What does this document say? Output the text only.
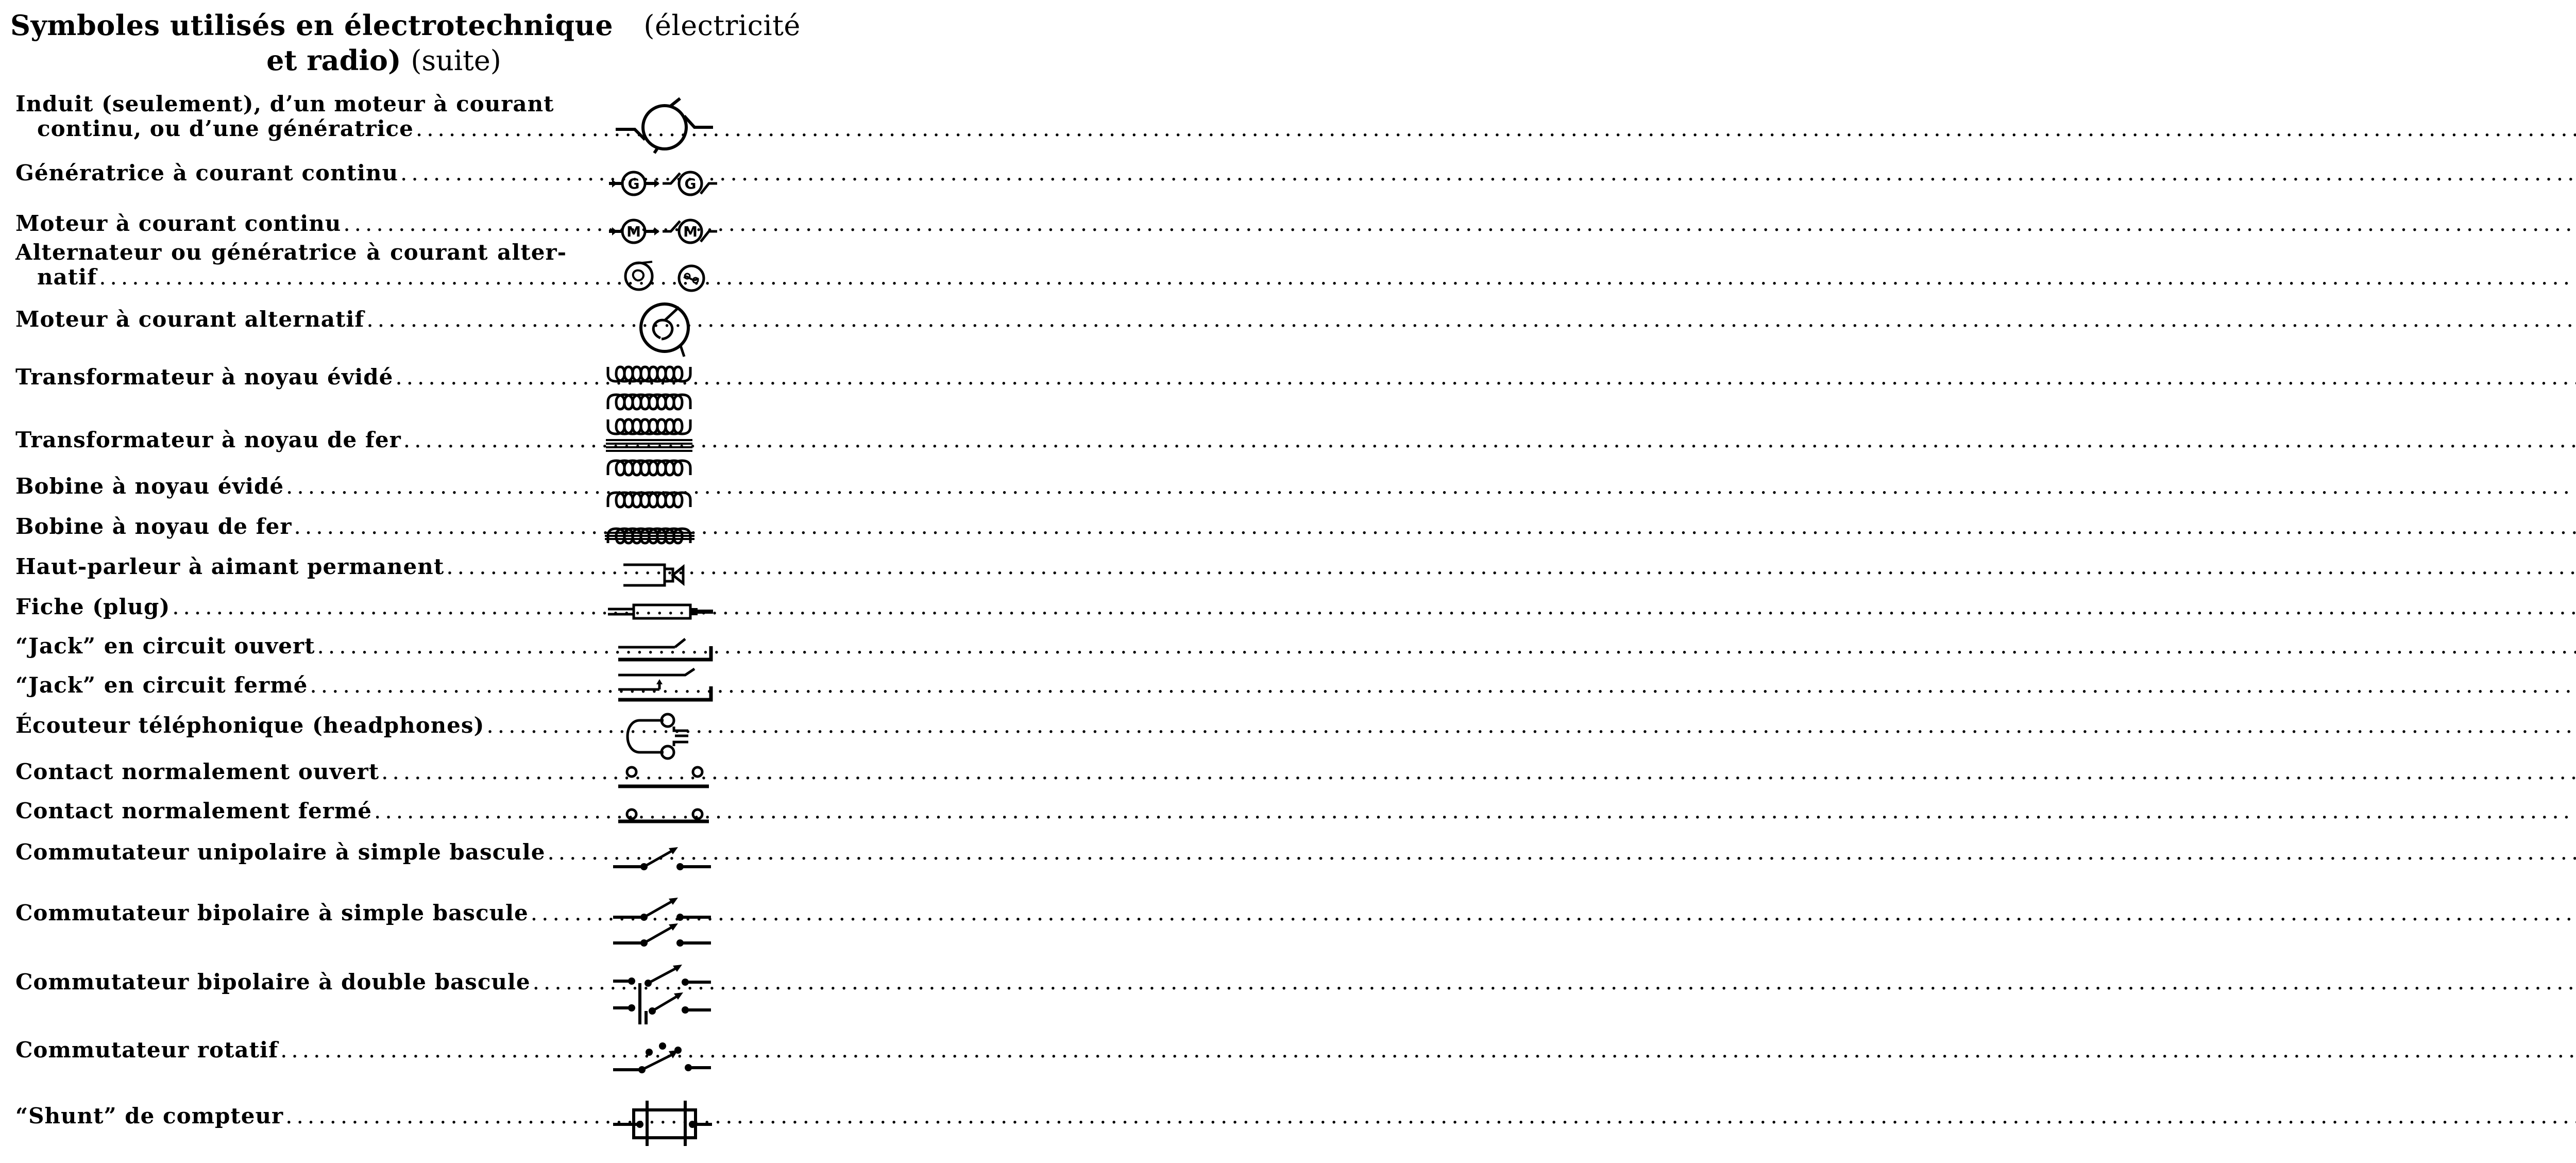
Symboles utilisés en électrotechnique (électricité
et radio) (suite)
Induit (seulement), d’un moteur à courant
continu, ou d’une génératrice
.....
Génératrice à courant continu .....	G	G
Moteur à courant continu .....	M	M
Alternateur ou génératrice à courant alter-
natif
.....
Moteur à courant alternatif
.....
Transformateur à noyau évidé
.....
Transformateur à noyau de fer
.....
Bobine à noyau évidé
.....
Bobine à noyau de fer
.....
Haut-parleur à aimant permanent
.....
Fiche (plug)
.....
“Jack” en circuit ouvert
.....
“Jack” en circuit fermé
.....
Écouteur téléphonique (headphones)
.....
Contact normalement ouvert
.....
Contact normalement fermé
.....
Commutateur unipolaire à simple bascule
.....
Commutateur bipolaire à simple bascule
.....
Commutateur bipolaire à double bascule
.....
Commutateur rotatif
.....
“Shunt” de compteur
.....
